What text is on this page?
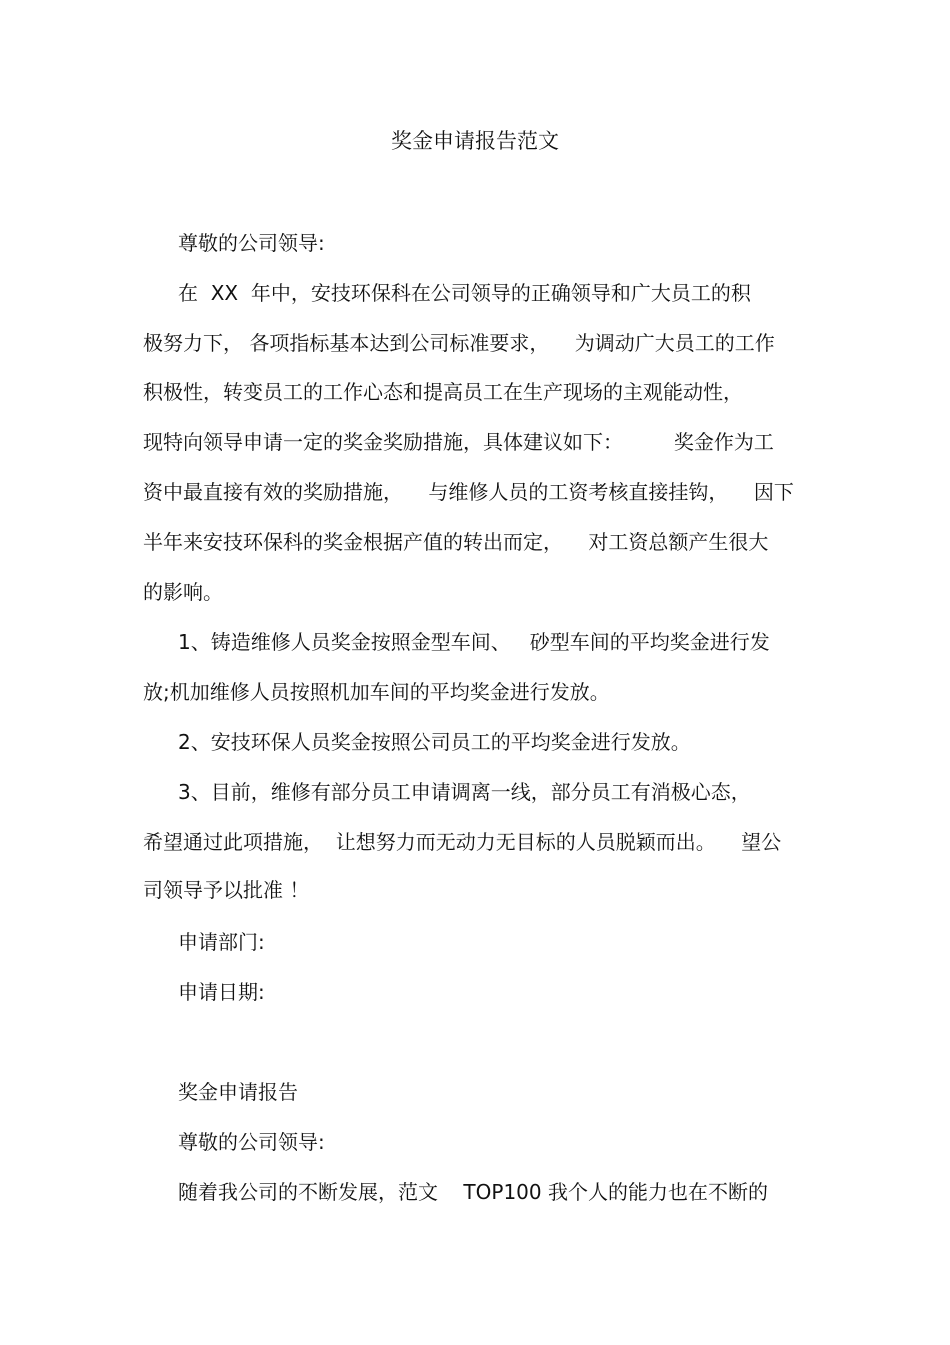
奖金申请报告范文
尊敬的公司领导:
在  XX  年中，安技环保科在公司领导的正确领导和广大员工的积
极努力下， 各项指标基本达到公司标准要求，    为调动广大员工的工作
积极性，转变员工的工作心态和提高员工在生产现场的主观能动性，
现特向领导申请一定的奖金奖励措施，具体建议如下：        奖金作为工
资中最直接有效的奖励措施，    与维修人员的工资考核直接挂钩，    因下
半年来安技环保科的奖金根据产值的转出而定，    对工资总额产生很大
的影响。
1、铸造维修人员奖金按照金型车间、   砂型车间的平均奖金进行发
放;机加维修人员按照机加车间的平均奖金进行发放。
2、安技环保人员奖金按照公司员工的平均奖金进行发放。
3、目前，维修有部分员工申请调离一线，部分员工有消极心态，
希望通过此项措施，  让想努力而无动力无目标的人员脱颖而出。    望公
司领导予以批准 ！
申请部门:
申请日期:
奖金申请报告
尊敬的公司领导:
随着我公司的不断发展，范文    TOP100 我个人的能力也在不断的
